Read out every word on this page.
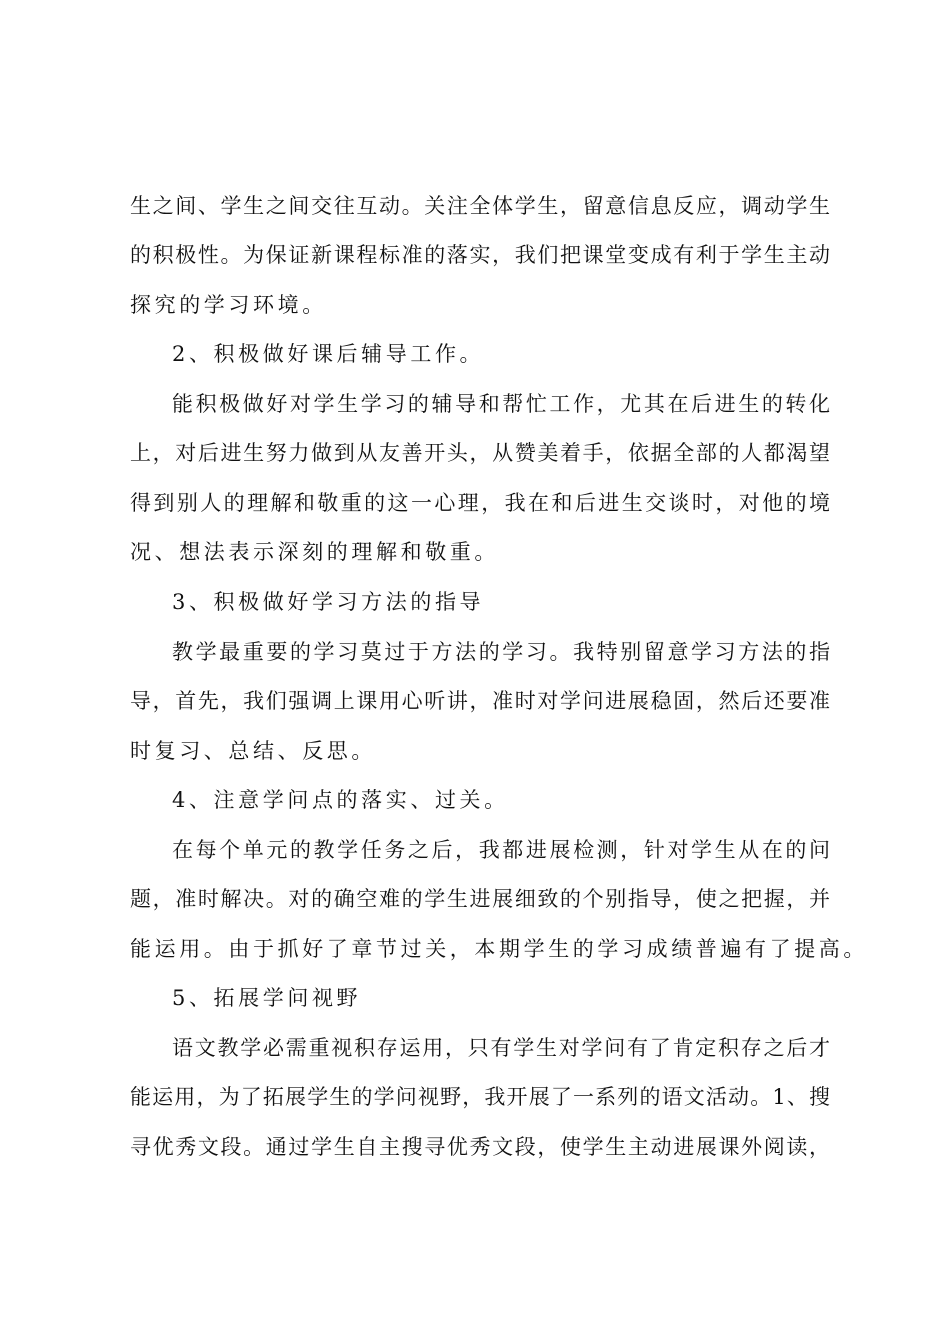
生之间、学生之间交往互动。关注全体学生，留意信息反应，调动学生
的积极性。为保证新课程标准的落实，我们把课堂变成有利于学生主动
探究的学习环境。
2、积极做好课后辅导工作。
能积极做好对学生学习的辅导和帮忙工作，尤其在后进生的转化
上，对后进生努力做到从友善开头，从赞美着手，依据全部的人都渴望
得到别人的理解和敬重的这一心理，我在和后进生交谈时，对他的境
况、想法表示深刻的理解和敬重。
3、积极做好学习方法的指导
教学最重要的学习莫过于方法的学习。我特别留意学习方法的指
导，首先，我们强调上课用心听讲，准时对学问进展稳固，然后还要准
时复习、总结、反思。
4、注意学问点的落实、过关。
在每个单元的教学任务之后，我都进展检测，针对学生从在的问
题，准时解决。对的确空难的学生进展细致的个别指导，使之把握，并
能运用。由于抓好了章节过关，本期学生的学习成绩普遍有了提高。
5、拓展学问视野
语文教学必需重视积存运用，只有学生对学问有了肯定积存之后才
能运用，为了拓展学生的学问视野，我开展了一系列的语文活动。1、搜
寻优秀文段。通过学生自主搜寻优秀文段，使学生主动进展课外阅读，
